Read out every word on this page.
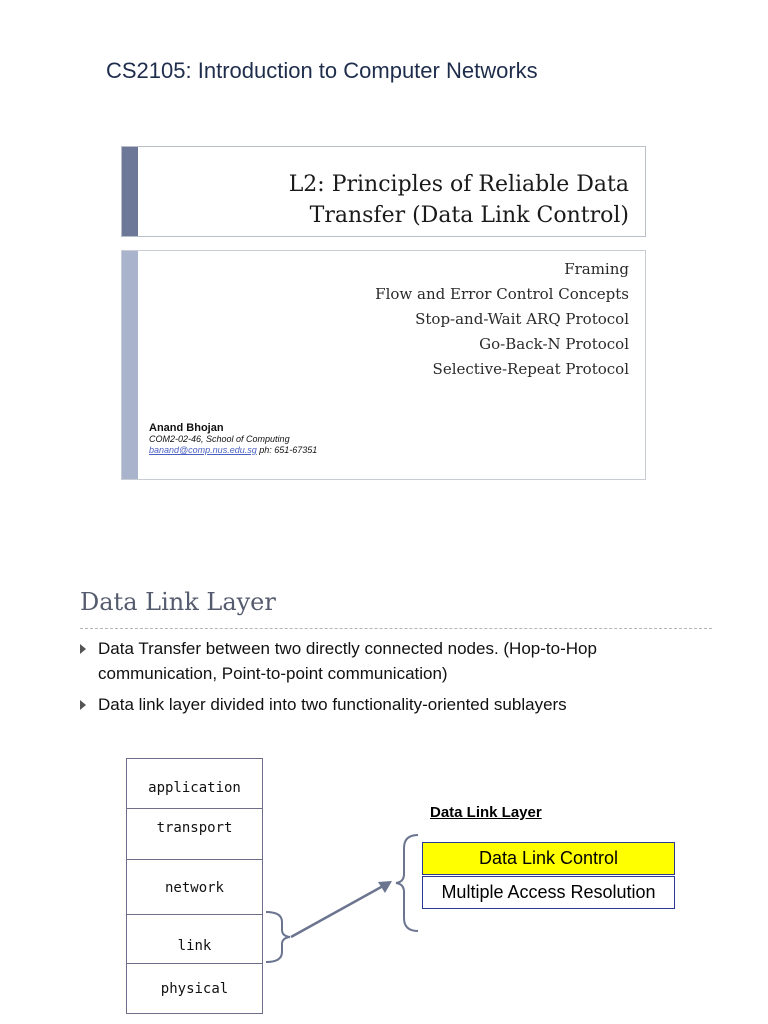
CS2105: Introduction to Computer Networks
L2: Principles of Reliable Data
Transfer (Data Link Control)
Framing
Flow and Error Control Concepts
Stop-and-Wait ARQ Protocol
Go-Back-N Protocol
Selective-Repeat Protocol
Anand Bhojan
COM2-02-46, School of Computing
banand@comp.nus.edu.sg ph: 651-67351
Data Link Layer
Data Transfer between two directly connected nodes. (Hop-to-Hop communication, Point-to-point communication)
Data link layer divided into two functionality-oriented sublayers
application
transport
network
link
physical
Data Link Layer
Data Link Control
Multiple Access Resolution
